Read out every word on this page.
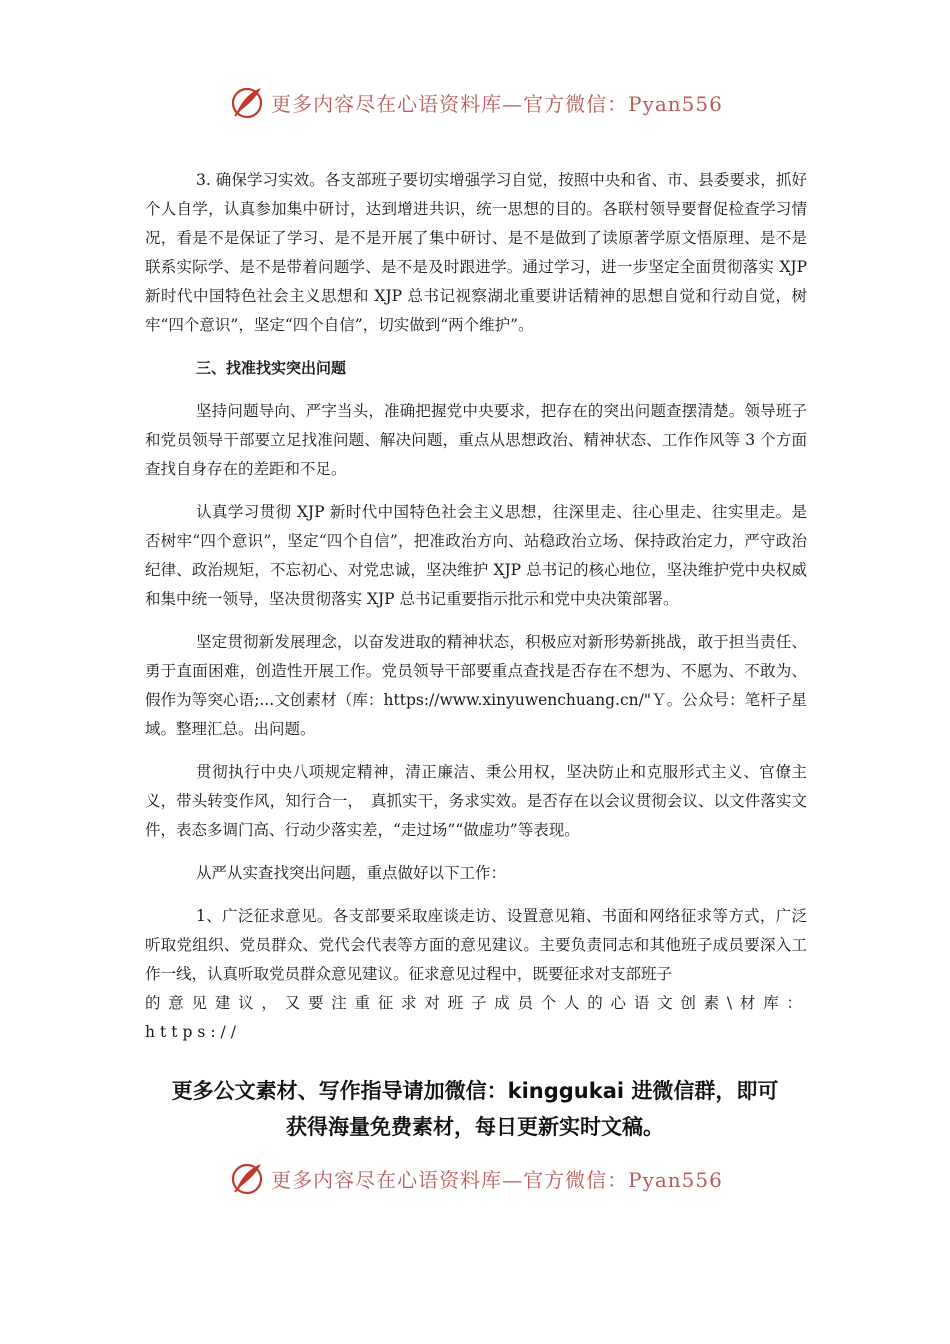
更多内容尽在心语资料库—官方微信：Pyan556

3. 确保学习实效。各支部班子要切实增强学习自觉，按照中央和省、市、县委要求，抓好个人自学，认真参加集中研讨，达到增进共识，统一思想的目的。各联村领导要督促检查学习情况，看是不是保证了学习、是不是开展了集中研讨、是不是做到了读原著学原文悟原理、是不是联系实际学、是不是带着问题学、是不是及时跟进学。通过学习，进一步坚定全面贯彻落实 XJP 新时代中国特色社会主义思想和 XJP 总书记视察湖北重要讲话精神的思想自觉和行动自觉，树牢“四个意识”，坚定“四个自信”，切实做到“两个维护”。

三、找准找实突出问题

坚持问题导向、严字当头，准确把握党中央要求，把存在的突出问题查摆清楚。领导班子和党员领导干部要立足找准问题、解决问题，重点从思想政治、精神状态、工作作风等 3 个方面查找自身存在的差距和不足。

认真学习贯彻 XJP 新时代中国特色社会主义思想，往深里走、往心里走、往实里走。是否树牢“四个意识”，坚定“四个自信”，把准政治方向、站稳政治立场、保持政治定力，严守政治纪律、政治规矩，不忘初心、对党忠诚，坚决维护 XJP 总书记的核心地位，坚决维护党中央权威和集中统一领导，坚决贯彻落实 XJP 总书记重要指示批示和党中央决策部署。

坚定贯彻新发展理念，以奋发进取的精神状态，积极应对新形势新挑战，敢于担当责任、勇于直面困难，创造性开展工作。党员领导干部要重点查找是否存在不想为、不愿为、不敢为、假作为等突心语;...文创素材（库：https://www.xinyuwenchuang.cn/"Ｙ。公众号：笔杆子星域。整理汇总。出问题。

贯彻执行中央八项规定精神，清正廉洁、秉公用权，坚决防止和克服形式主义、官僚主义，带头转变作风，知行合一，　真抓实干，务求实效。是否存在以会议贯彻会议、以文件落实文件，表态多调门高、行动少落实差，“走过场”“做虚功”等表现。

从严从实查找突出问题，重点做好以下工作：

1、广泛征求意见。各支部要采取座谈走访、设置意见箱、书面和网络征求等方式，广泛听取党组织、党员群众、党代会代表等方面的意见建议。主要负责同志和其他班子成员要深入工作一线，认真听取党员群众意见建议。征求意见过程中，既要征求对支部班子

的意见建议，又要注重征求对班子成员个人的心语文创素\材库：https://

更多公文素材、写作指导请加微信：kinggukai 进微信群，即可
获得海量免费素材，每日更新实时文稿。
更多内容尽在心语资料库—官方微信：Pyan556
